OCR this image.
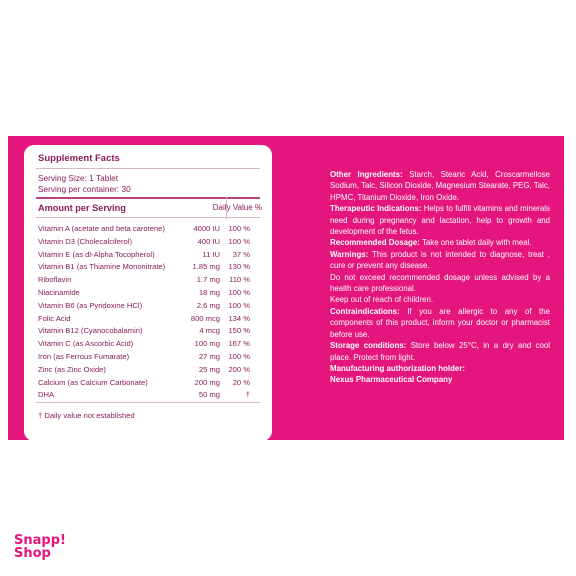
Supplement Facts
Serving Size: 1 Tablet
Serving per container: 30
Amount per Serving	Daily Value %
Vitamin A (acetate and beta carotene)	4000 IU 100 %
Vitamin D3 (Cholecalciferol)	400 IU 100 %
Vitamin E (as dl-Alpha Tocopherol)	11 IU 37 %
Vitamin B1 (as Thiamine Mononitrate)	1.85 mg 130 %
Riboflavin	1.7 mg 110 %
Niacinamide	18 mg 100 %
Vitamin B6 (as Pyridoxine HCl)	2.6 mg 100 %
Folic Acid	800 mcg 134 %
Vitamin B12 (Cyanocobalamin)	4 mcg 150 %
Vitamin C (as Ascorbic Acid)	100 mg 167 %
Iron (as Ferrous Fumarate)	27 mg 100 %
Zinc (as Zinc Oxide)	25 mg 200 %
Calcium (as Calcium Carbonate)	200 mg 20 %
DHA	50 mg	†
† Daily value not established

Other Ingredients: Starch, Stearic Acid, Croscarmellose Sodium, Talc, Silicon Dioxide, Magnesium Stearate, PEG, Talc, HPMC, Titanium Dioxide, Iron Oxide.

Therapeutic Indications: Helps to fulfill vitamins and minerals need during pregnancy and lactation, help to growth and development of the fetus.

Recommended Dosage: Take one tablet daily with meal.

Warnings: This product is not intended to diagnose, treat , cure or prevent any disease.

Do not exceed recommended dosage unless advised by a health care professional.

Keep out of reach of children.

Contraindications: If you are allergic to any of the components of this product, inform your doctor or pharmacist before use.

Storage conditions: Store below 25°C, in a dry and cool place. Protect from light.

Manufacturing authorization holder:

Nexus Pharmaceutical Company

Snapp!
Shop
